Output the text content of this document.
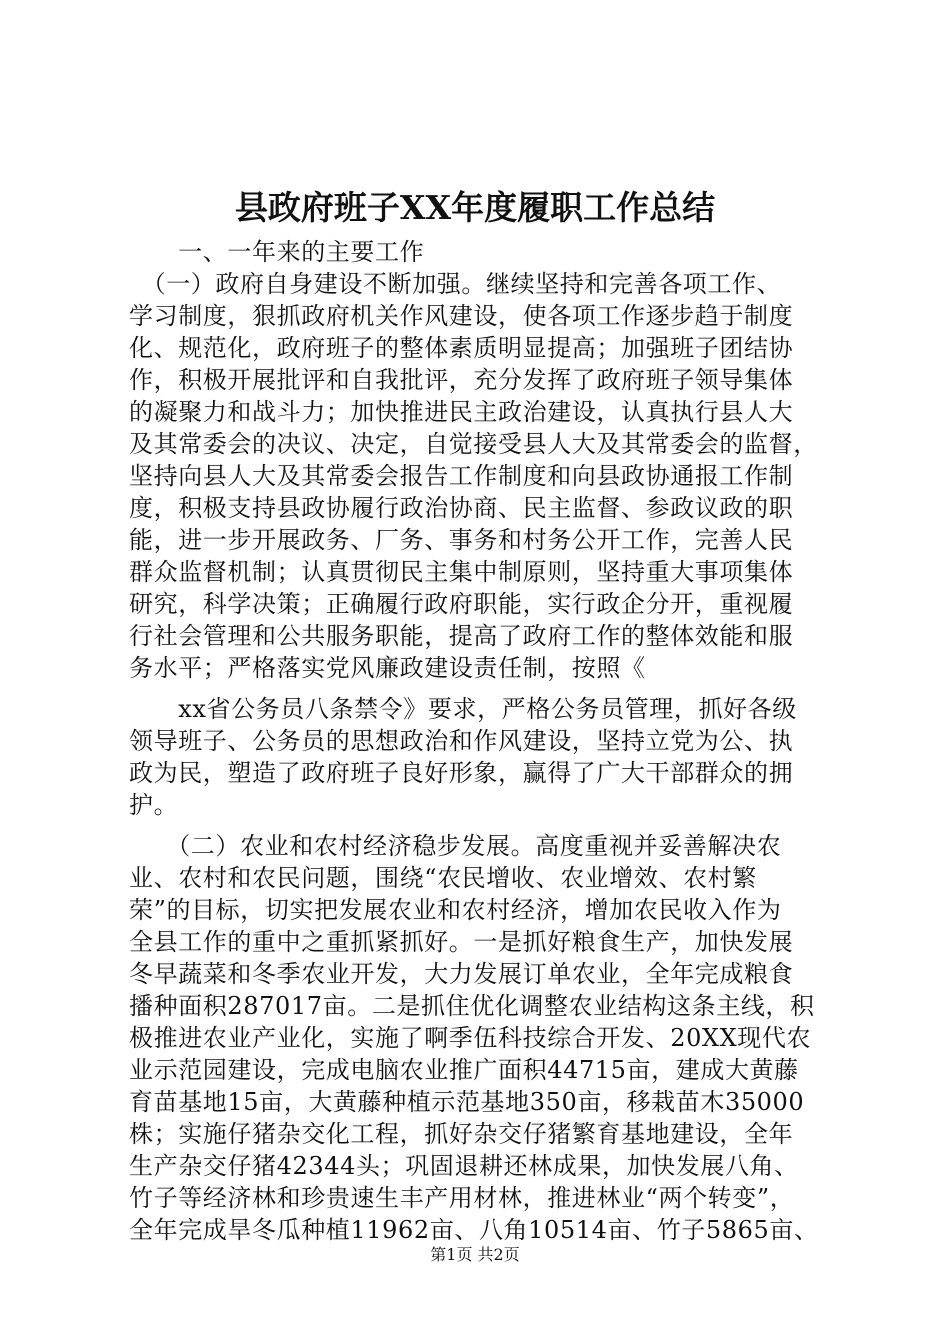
县政府班子XX年度履职工作总结
　　一、一年来的主要工作
　（一）政府自身建设不断加强。继续坚持和完善各项工作、
学习制度，狠抓政府机关作风建设，使各项工作逐步趋于制度
化、规范化，政府班子的整体素质明显提高；加强班子团结协
作，积极开展批评和自我批评，充分发挥了政府班子领导集体
的凝聚力和战斗力；加快推进民主政治建设，认真执行县人大
及其常委会的决议、决定，自觉接受县人大及其常委会的监督，
坚持向县人大及其常委会报告工作制度和向县政协通报工作制
度，积极支持县政协履行政治协商、民主监督、参政议政的职
能，进一步开展政务、厂务、事务和村务公开工作，完善人民
群众监督机制；认真贯彻民主集中制原则，坚持重大事项集体
研究，科学决策；正确履行政府职能，实行政企分开，重视履
行社会管理和公共服务职能，提高了政府工作的整体效能和服
务水平；严格落实党风廉政建设责任制，按照《
　　xx省公务员八条禁令》要求，严格公务员管理，抓好各级
领导班子、公务员的思想政治和作风建设，坚持立党为公、执
政为民，塑造了政府班子良好形象，赢得了广大干部群众的拥
护。
　　（二）农业和农村经济稳步发展。高度重视并妥善解决农
业、农村和农民问题，围绕“农民增收、农业增效、农村繁
荣”的目标，切实把发展农业和农村经济，增加农民收入作为
全县工作的重中之重抓紧抓好。一是抓好粮食生产，加快发展
冬早蔬菜和冬季农业开发，大力发展订单农业，全年完成粮食
播种面积287017亩。二是抓住优化调整农业结构这条主线，积
极推进农业产业化，实施了啊季伍科技综合开发、20XX现代农
业示范园建设，完成电脑农业推广面积44715亩，建成大黄藤
育苗基地15亩，大黄藤种植示范基地350亩，移栽苗木35000
株；实施仔猪杂交化工程，抓好杂交仔猪繁育基地建设，全年
生产杂交仔猪42344头；巩固退耕还林成果，加快发展八角、
竹子等经济林和珍贵速生丰产用材林，推进林业“两个转变”，
全年完成旱冬瓜种植11962亩、八角10514亩、竹子5865亩、
第1页 共2页
